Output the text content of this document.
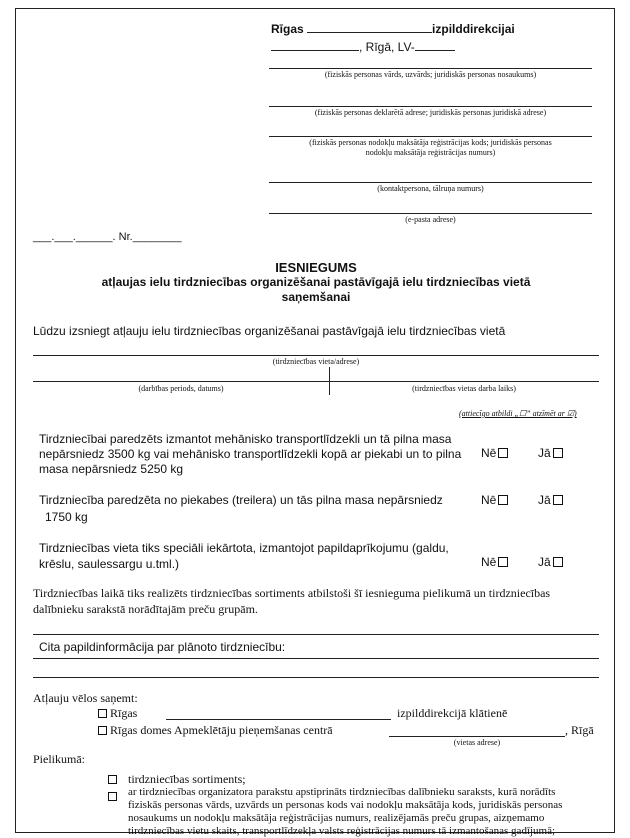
Rīgas	izpilddirekcijai
, Rīgā, LV-
(fiziskās personas vārds, uzvārds; juridiskās personas nosaukums)
(fiziskās personas deklarētā adrese; juridiskās personas juridiskā adrese)
(fiziskās personas nodokļu maksātāja reģistrācijas kods; juridiskās personas
nodokļu maksātāja reģistrācijas numurs)
(kontaktpersona, tālruņa numurs)
(e-pasta adrese)
___.___.______. Nr.________
IESNIEGUMS
atļaujas ielu tirdzniecības organizēšanai pastāvīgajā ielu tirdzniecības vietā
saņemšanai
Lūdzu izsniegt atļauju ielu tirdzniecības organizēšanai pastāvīgajā ielu tirdzniecības vietā
(tirdzniecības vieta/adrese)
(darbības periods, datums)	(tirdzniecības vietas darba laiks)
(attiecīgo atbildi „☐” atzīmēt ar ☑)
Tirdzniecībai paredzēts izmantot mehānisko transportlīdzekli un tā pilna masa
nepārsniedz 3500 kg vai mehānisko transportlīdzekli kopā ar piekabi un to pilna
masa nepārsniedz 5250 kg
Nē	Jā
Tirdzniecība paredzēta no piekabes (treilera) un tās pilna masa nepārsniedz
1750 kg
Nē	Jā
Tirdzniecības vieta tiks speciāli iekārtota, izmantojot papildaprīkojumu (galdu,
krēslu, saulessargu u.tml.)	Nē	Jā
Tirdzniecības laikā tiks realizēts tirdzniecības sortiments atbilstoši šī iesnieguma pielikumā un tirdzniecības
dalībnieku sarakstā norādītajām preču grupām.
Cita papildinformācija par plānoto tirdzniecību:
Atļauju vēlos saņemt:
Rīgas	izpilddirekcijā klātienē
Rīgas domes Apmeklētāju pieņemšanas centrā	, Rīgā
(vietas adrese)
Pielikumā:
tirdzniecības sortiments;
ar tirdzniecības organizatora parakstu apstiprināts tirdzniecības dalībnieku saraksts, kurā norādīts
fiziskās personas vārds, uzvārds un personas kods vai nodokļu maksātāja kods, juridiskās personas
nosaukums un nodokļu maksātāja reģistrācijas numurs, realizējamās preču grupas, aizņemamo
tirdzniecības vietu skaits, transportlīdzekļa valsts reģistrācijas numurs tā izmantošanas gadījumā;
